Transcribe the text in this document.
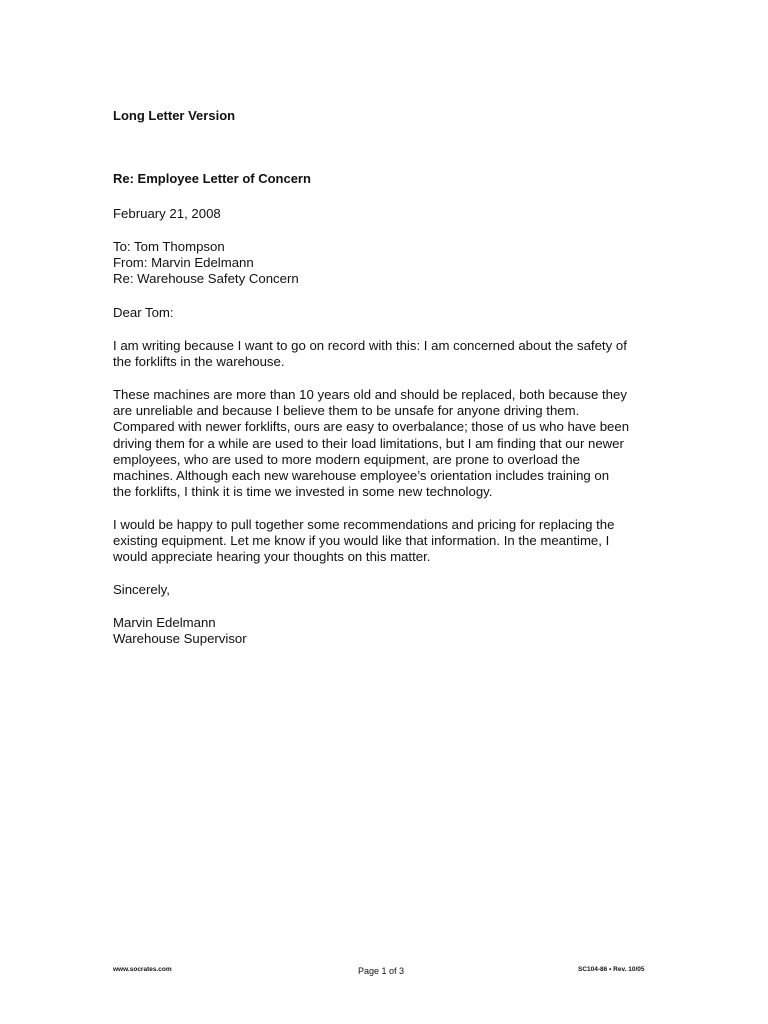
Long Letter Version

Re: Employee Letter of Concern

February 21, 2008

To: Tom Thompson

From: Marvin Edelmann

Re: Warehouse Safety Concern

Dear Tom:

I am writing because I want to go on record with this: I am concerned about the safety of
the forklifts in the warehouse.

These machines are more than 10 years old and should be replaced, both because they
are unreliable and because I believe them to be unsafe for anyone driving them.
Compared with newer forklifts, ours are easy to overbalance; those of us who have been
driving them for a while are used to their load limitations, but I am finding that our newer
employees, who are used to more modern equipment, are prone to overload the
machines. Although each new warehouse employee’s orientation includes training on
the forklifts, I think it is time we invested in some new technology.

I would be happy to pull together some recommendations and pricing for replacing the
existing equipment. Let me know if you would like that information. In the meantime, I
would appreciate hearing your thoughts on this matter.

Sincerely,

Marvin Edelmann

Warehouse Supervisor

www.socrates.com	Page 1 of 3	SC104-86 • Rev. 10/05
